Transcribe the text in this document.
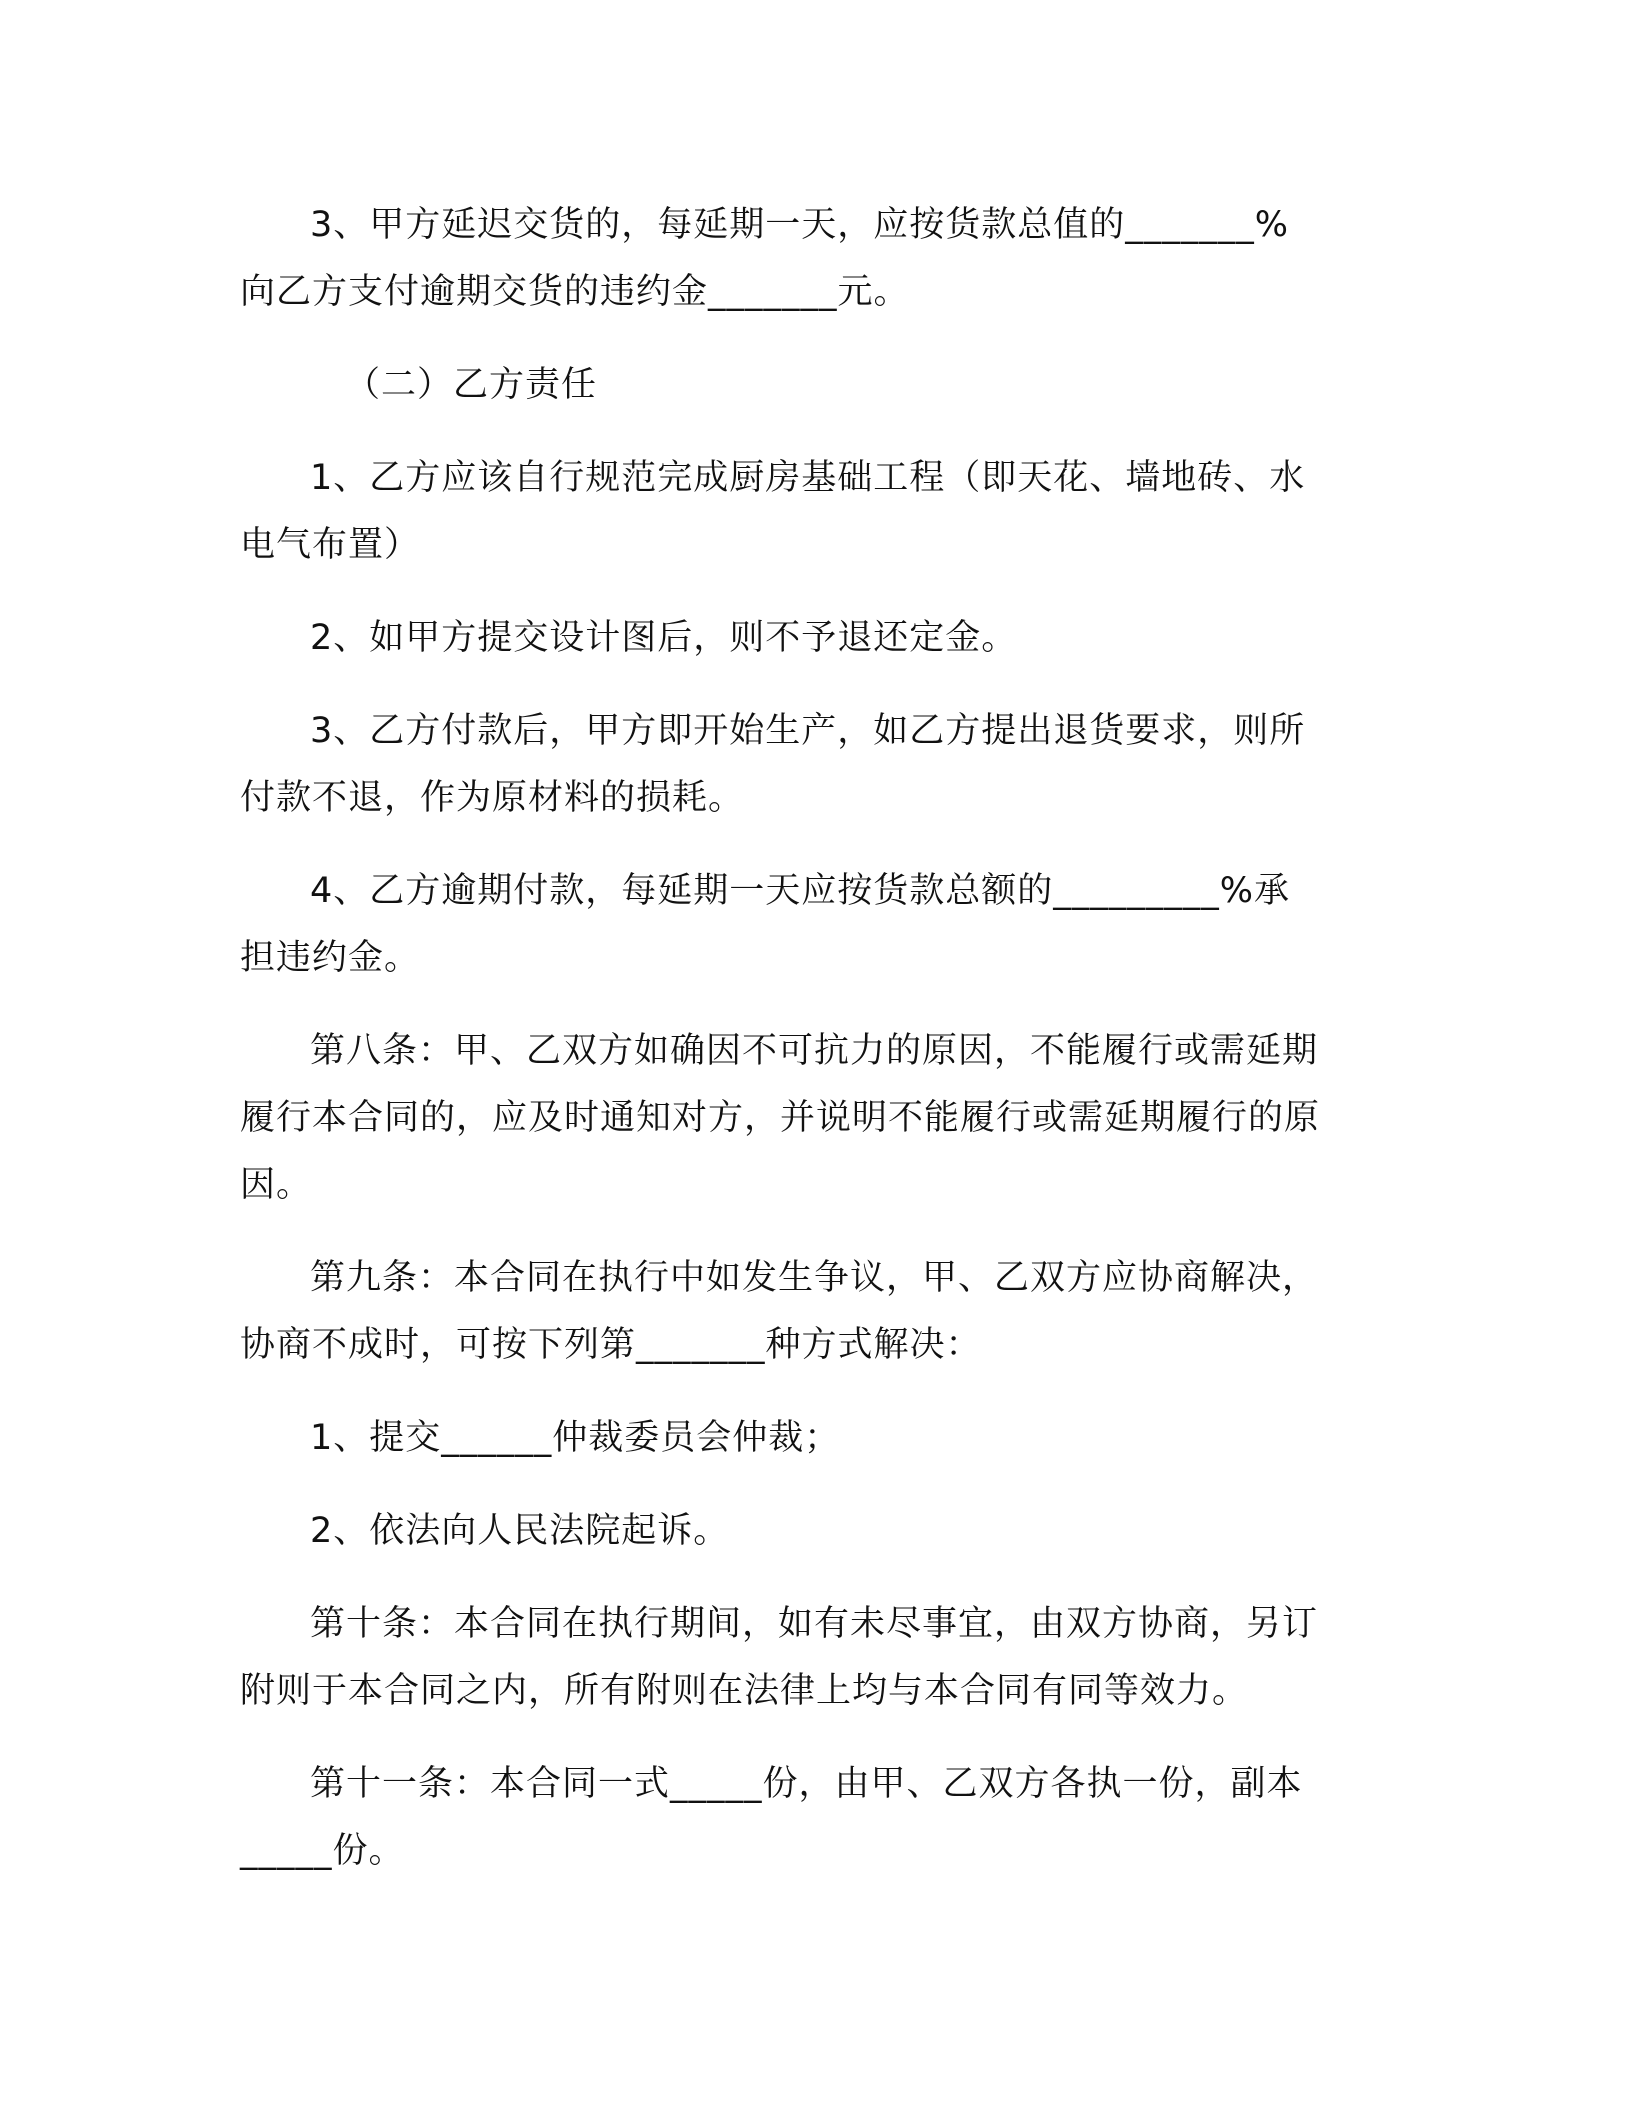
3、甲方延迟交货的，每延期一天，应按货款总值的_______%
向乙方支付逾期交货的违约金_______元。

（二）乙方责任

1、乙方应该自行规范完成厨房基础工程（即天花、墙地砖、水
电气布置）

2、如甲方提交设计图后，则不予退还定金。

3、乙方付款后，甲方即开始生产，如乙方提出退货要求，则所
付款不退，作为原材料的损耗。

4、乙方逾期付款，每延期一天应按货款总额的_________%承
担违约金。

第八条：甲、乙双方如确因不可抗力的原因，不能履行或需延期
履行本合同的，应及时通知对方，并说明不能履行或需延期履行的原
因。

第九条：本合同在执行中如发生争议，甲、乙双方应协商解决，
协商不成时，可按下列第_______种方式解决：

1、提交______仲裁委员会仲裁；

2、依法向人民法院起诉。

第十条：本合同在执行期间，如有未尽事宜，由双方协商，另订
附则于本合同之内，所有附则在法律上均与本合同有同等效力。

第十一条：本合同一式_____份，由甲、乙双方各执一份，副本
_____份。
